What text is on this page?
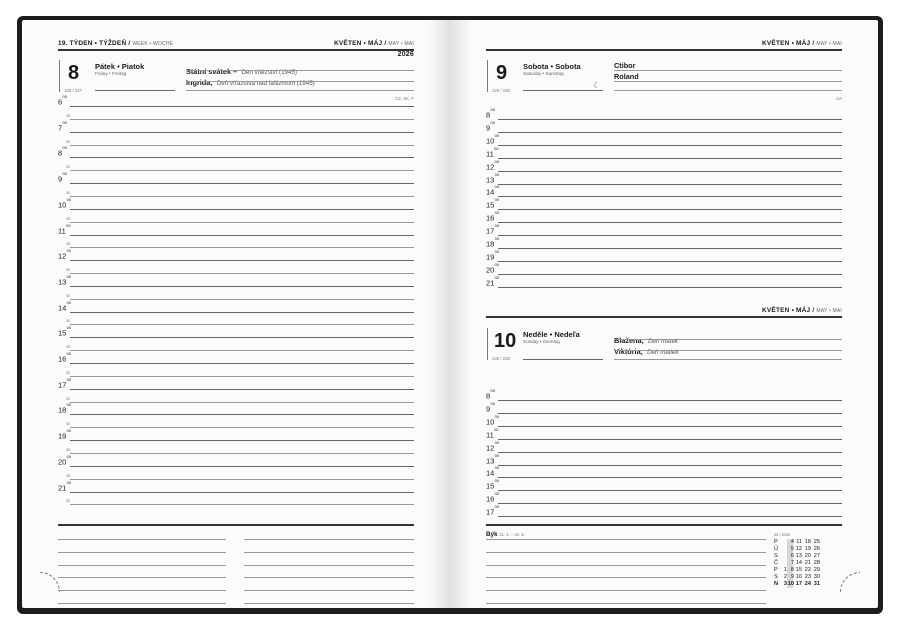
19. TÝDEN • TÝŽDEŇ / WEEK • WOCHE	KVĚTEN • MÁJ / MAY • MAI
2026
8 Pátek • Piatok
Friday • Freitag
128 / 237
Státní svátek – Den vítězství (1945)
Ingrida, Deň víťazstva nad fašizmom (1945)
CZ, SK, F
$6^{00}$
30
$7^{00}$
30
$8^{00}$
30
$9^{00}$
30
$10^{00}$
30
$11^{00}$
30
$12^{00}$
30
$13^{00}$
30
$14^{00}$
30
$15^{00}$
30
$16^{00}$
30
$17^{00}$
30
$18^{00}$
30
$19^{00}$
30
$20^{00}$
30
$21^{00}$
30
KVĚTEN • MÁJ / MAY • MAI
9 Sobota • Sobota
Saturday • Samstag
129 / 236
☾
Ctibor
Roland
UA
$8^{00}$
$9^{00}$
$10^{00}$
$11^{00}$
$12^{00}$
$13^{00}$
$14^{00}$
$15^{00}$
$16^{00}$
$17^{00}$
$18^{00}$
$19^{00}$
$20^{00}$
$21^{00}$
KVĚTEN • MÁJ / MAY • MAI
10 Neděle • Nedeľa
Sunday • Sonntag
130 / 235
Blažena, Den matek
Viktória, Deň matiek
$8^{00}$
$9^{00}$
$10^{00}$
$11^{00}$
$12^{00}$
$13^{00}$
$14^{00}$
$15^{00}$
$16^{00}$
$17^{00}$
Býk 21. 4. – 21. 5.	05 / 2026
P	4 11 18 25
Ú	5 12 19 26
S	6 13 20 27
Č	7 14 21 28
P	1 8 15 22 29
S	2 9 16 23 30
N	3 10 17 24 31
